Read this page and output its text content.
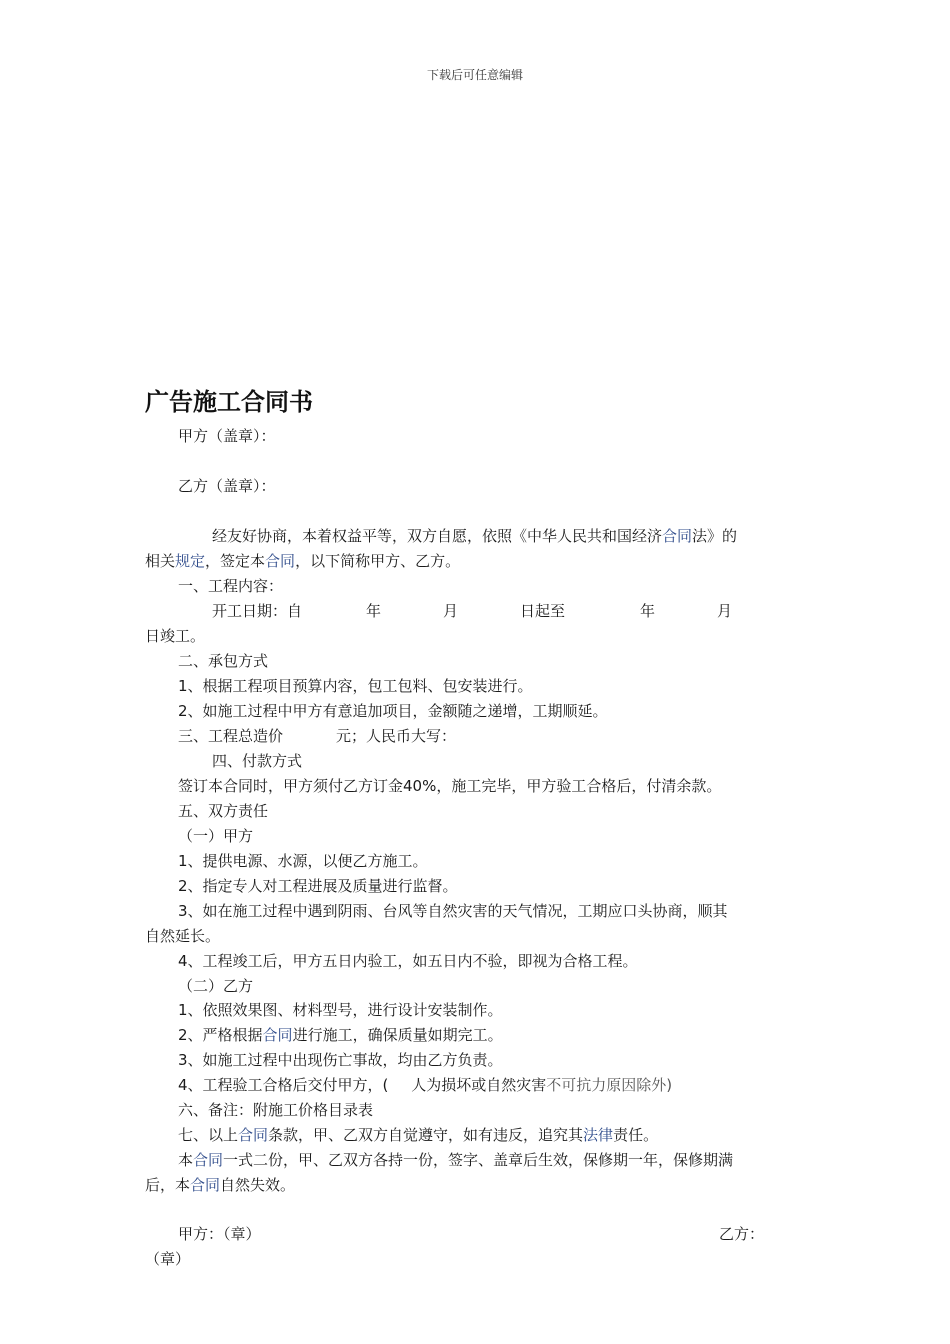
下载后可任意编辑
广告施工合同书
甲方（盖章）：
乙方（盖章）：
经友好协商，本着权益平等，双方自愿，依照《中华人民共和国经济合同法》的
相关规定，签定本合同，以下简称甲方、乙方。
一、工程内容：
开工日期：自	年	月	日起至	年	月
日竣工。
二、承包方式
1、根据工程项目预算内容，包工包料、包安装进行。
2、如施工过程中甲方有意追加项目，金额随之递增，工期顺延。
三、工程总造价	元；人民币大写：
四、付款方式
签订本合同时，甲方须付乙方订金40%，施工完毕，甲方验工合格后，付清余款。
五、双方责任
（一）甲方
1、提供电源、水源，以便乙方施工。
2、指定专人对工程进展及质量进行监督。
3、如在施工过程中遇到阴雨、台风等自然灾害的天气情况，工期应口头协商，顺其
自然延长。
4、工程竣工后，甲方五日内验工，如五日内不验，即视为合格工程。
（二）乙方
1、依照效果图、材料型号，进行设计安装制作。
2、严格根据合同进行施工，确保质量如期完工。
3、如施工过程中出现伤亡事故，均由乙方负责。
4、工程验工合格后交付甲方，( 人为损坏或自然灾害不可抗力原因除外)
六、备注：附施工价格目录表
七、以上合同条款，甲、乙双方自觉遵守，如有违反，追究其法律责任。
本合同一式二份，甲、乙双方各持一份，签字、盖章后生效，保修期一年，保修期满
后，本合同自然失效。
甲方：（章）	乙方：
（章）
